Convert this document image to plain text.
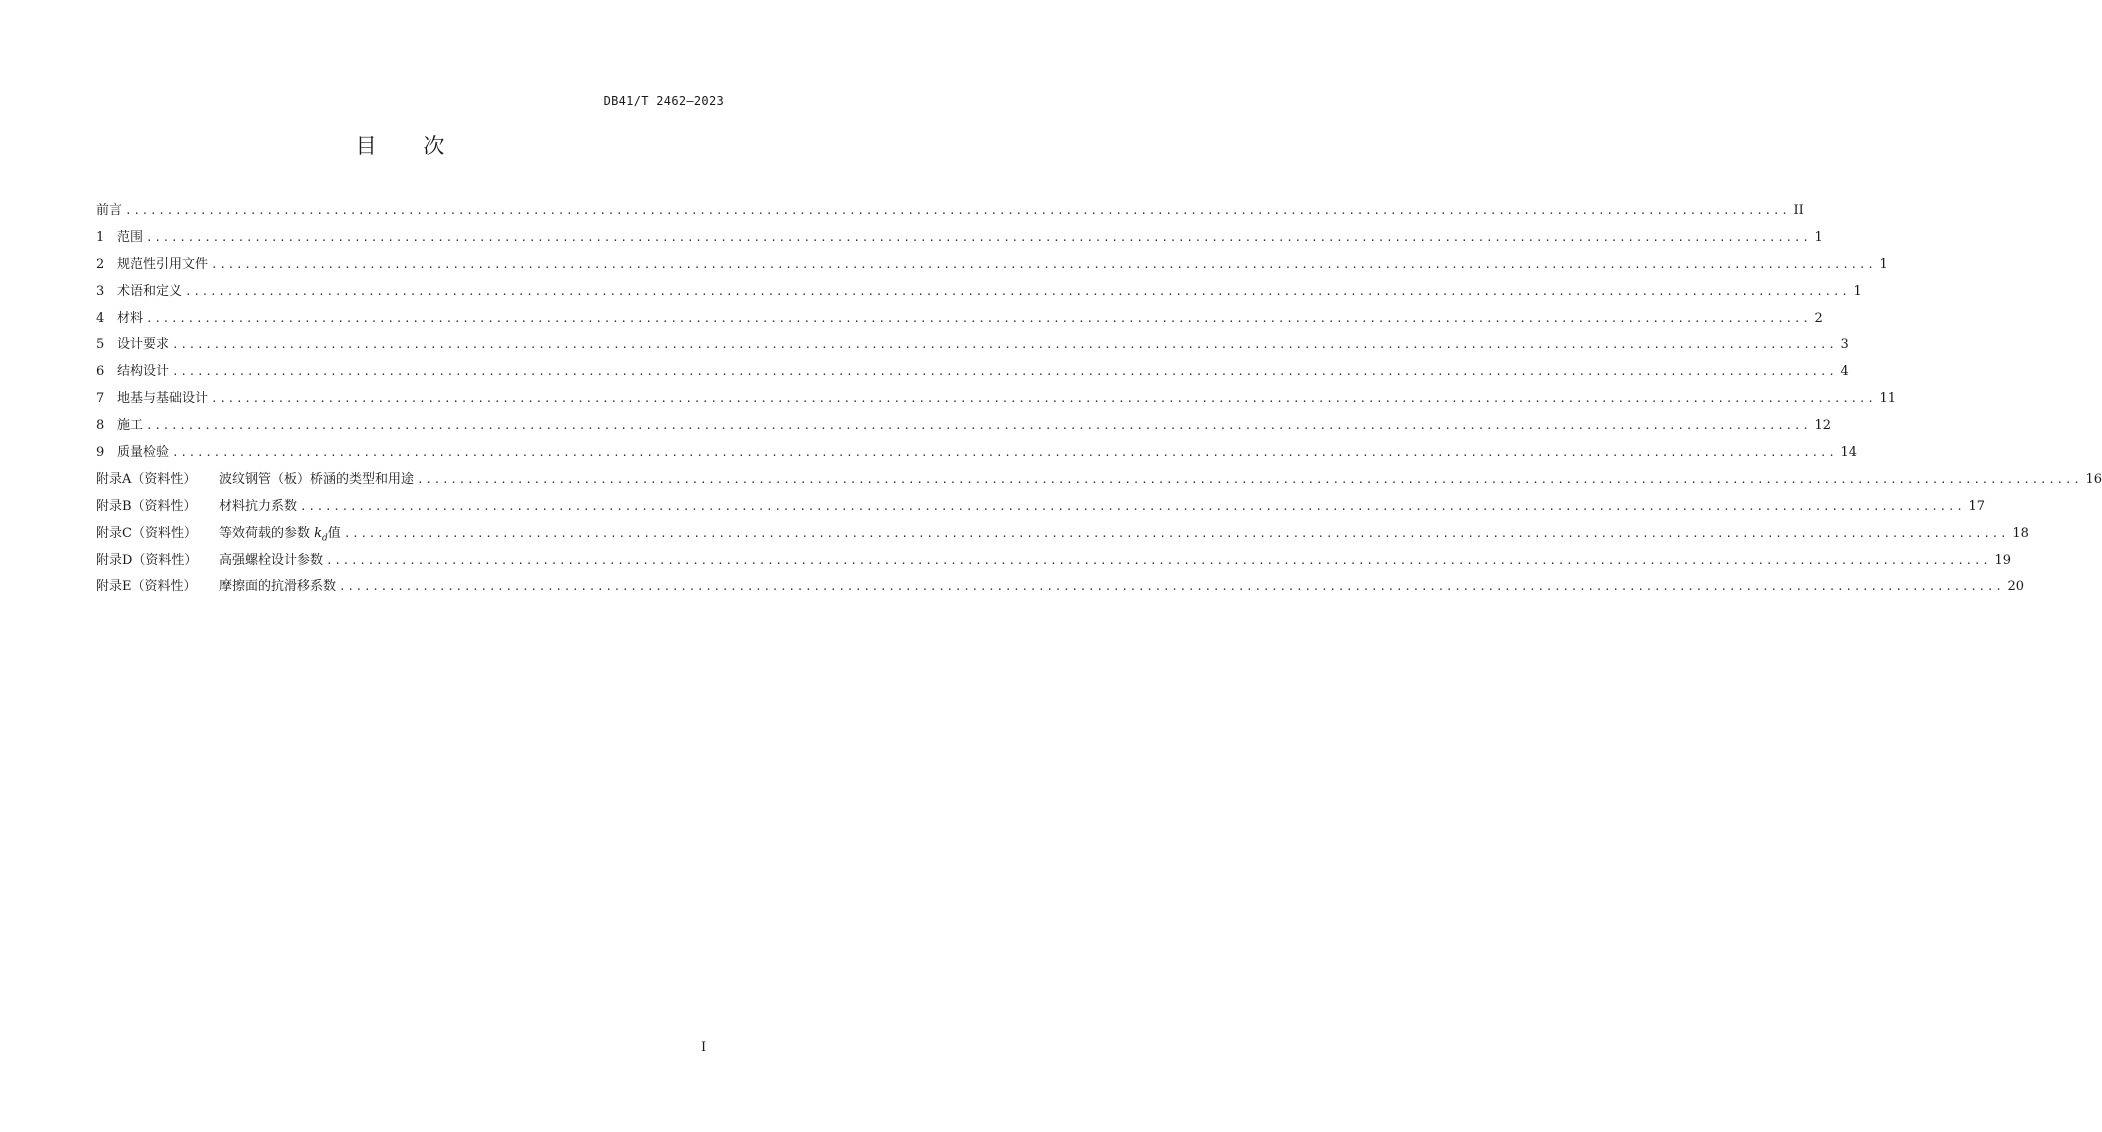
DB41/T 2462—2023
目 次
前言 ........................................................................................................................................................................................................ II
1 范围 ........................................................................................................................................................................................................ 1
2 规范性引用文件 ........................................................................................................................................................................................................ 1
3 术语和定义 ........................................................................................................................................................................................................ 1
4 材料 ........................................................................................................................................................................................................ 2
5 设计要求 ........................................................................................................................................................................................................ 3
6 结构设计 ........................................................................................................................................................................................................ 4
7 地基与基础设计 ........................................................................................................................................................................................................ 11
8 施工 ........................................................................................................................................................................................................ 12
9 质量检验 ........................................................................................................................................................................................................ 14
附录A（资料性） 波纹钢管（板）桥涵的类型和用途 ........................................................................................................................................................................................................ 16
附录B（资料性） 材料抗力系数 ........................................................................................................................................................................................................ 17
附录C（资料性） 等效荷载的参数 $k_d$值 ........................................................................................................................................................................................................ 18
附录D（资料性） 高强螺栓设计参数 ........................................................................................................................................................................................................ 19
附录E（资料性） 摩擦面的抗滑移系数 ........................................................................................................................................................................................................ 20
I
